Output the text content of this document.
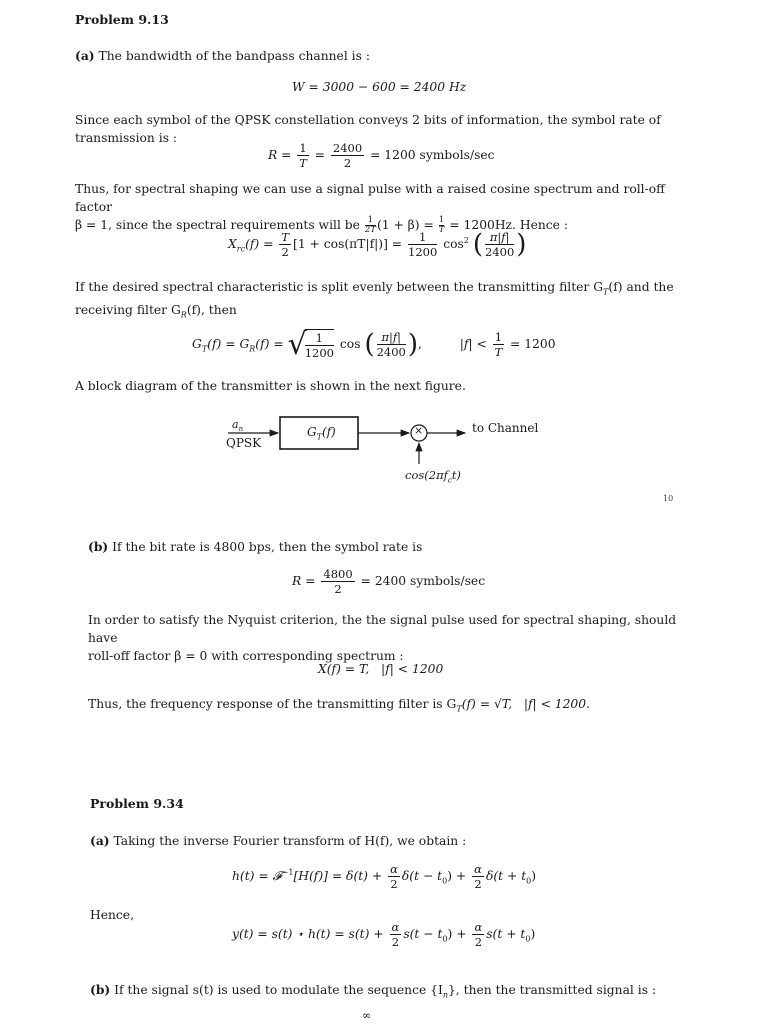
Problem 9.13
(a) The bandwidth of the bandpass channel is :
W = 3000 − 600 = 2400 Hz
Since each symbol of the QPSK constellation conveys 2 bits of information, the symbol rate of transmission is :
$R = \frac{1}{T} = \frac{2400}{2} = 1200$ symbols/sec
Thus, for spectral shaping we can use a signal pulse with a raised cosine spectrum and roll-off factor
β = 1, since the spectral requirements will be $\frac{1}{2T} (1 + \beta) = \frac{1}{T} = 1200Hz$. Hence :
$X_{rc}(f) = \frac{T}{2} [1 + \cos(\pi T|f|)] = \frac{1}{1200} \cos^2$ ( $\frac{\pi|f|}{2400}$ )
If the desired spectral characteristic is split evenly between the transmitting filter $G_T(f)$ and the
receiving filter $G_R(f)$, then
$G_T(f) = G_R(f)$ = √
$\frac{1}{1200}$ cos ( $\frac{\pi|f|}{2400}$ ),	$|f| < \frac{1}{T} = 1200$
A block diagram of the transmitter is shown in the next figure.
$a_n$
QPSK
$G_T(f)$	×	to Channel
$\cos(2\pi f_ct)$
10
(b) If the bit rate is 4800 bps, then the symbol rate is
$R = \frac{4800}{2} = 2400$ symbols/sec
In order to satisfy the Nyquist criterion, the the signal pulse used for spectral shaping, should have
roll-off factor β = 0 with corresponding spectrum :
X(f) = T,   |f| < 1200
Thus, the frequency response of the transmitting filter is $G_T(f) = √T$,   |f| < 1200.
Problem 9.34
(a) Taking the inverse Fourier transform of H(f), we obtain :
h(t) = 𝓕$^{-1}$[H(f)] = $\delta(t) + \frac{\alpha}{2} \delta(t - t_0) + \frac{\alpha}{2} \delta(t + t_0)$
Hence,
y(t) = s(t) ⋆ $h(t) = s(t) + \frac{\alpha}{2} s(t - t_0) + \frac{\alpha}{2} s(t + t_0)$
(b) If the signal s(t) is used to modulate the sequence $\{I_n\}$, then the transmitted signal is :
∞
